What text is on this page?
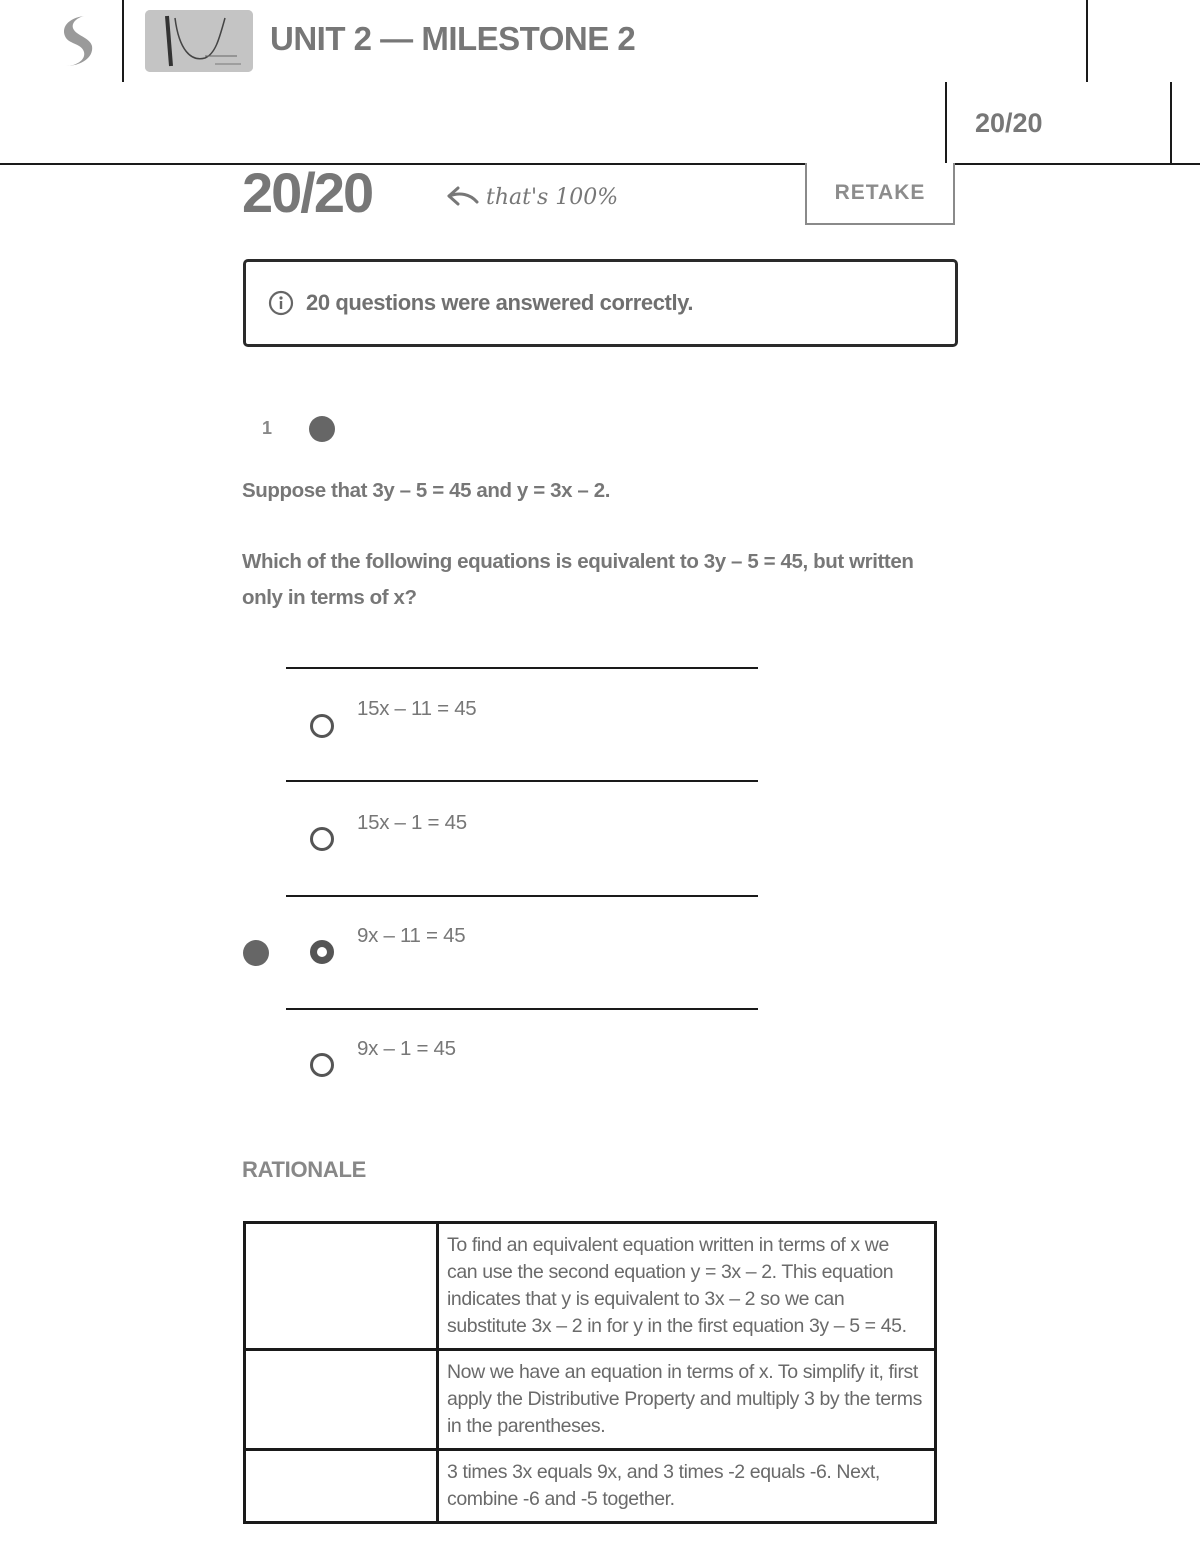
UNIT 2 — MILESTONE 2
20/20
20/20	that's 100%	RETAKE
20 questions were answered correctly.
1
Suppose that 3y – 5 = 45 and y = 3x – 2.
Which of the following equations is equivalent to 3y – 5 = 45, but written only in terms of x?
15x – 11 = 45
15x – 1 = 45
9x – 11 = 45
9x – 1 = 45
RATIONALE
	To find an equivalent equation written in terms of x we can use the second equation y = 3x – 2. This equation indicates that y is equivalent to 3x – 2 so we can substitute 3x – 2 in for y in the first equation 3y – 5 = 45.
	Now we have an equation in terms of x. To simplify it, first apply the Distributive Property and multiply 3 by the terms in the parentheses.
	3 times 3x equals 9x, and 3 times -2 equals -6. Next, combine -6 and -5 together.
